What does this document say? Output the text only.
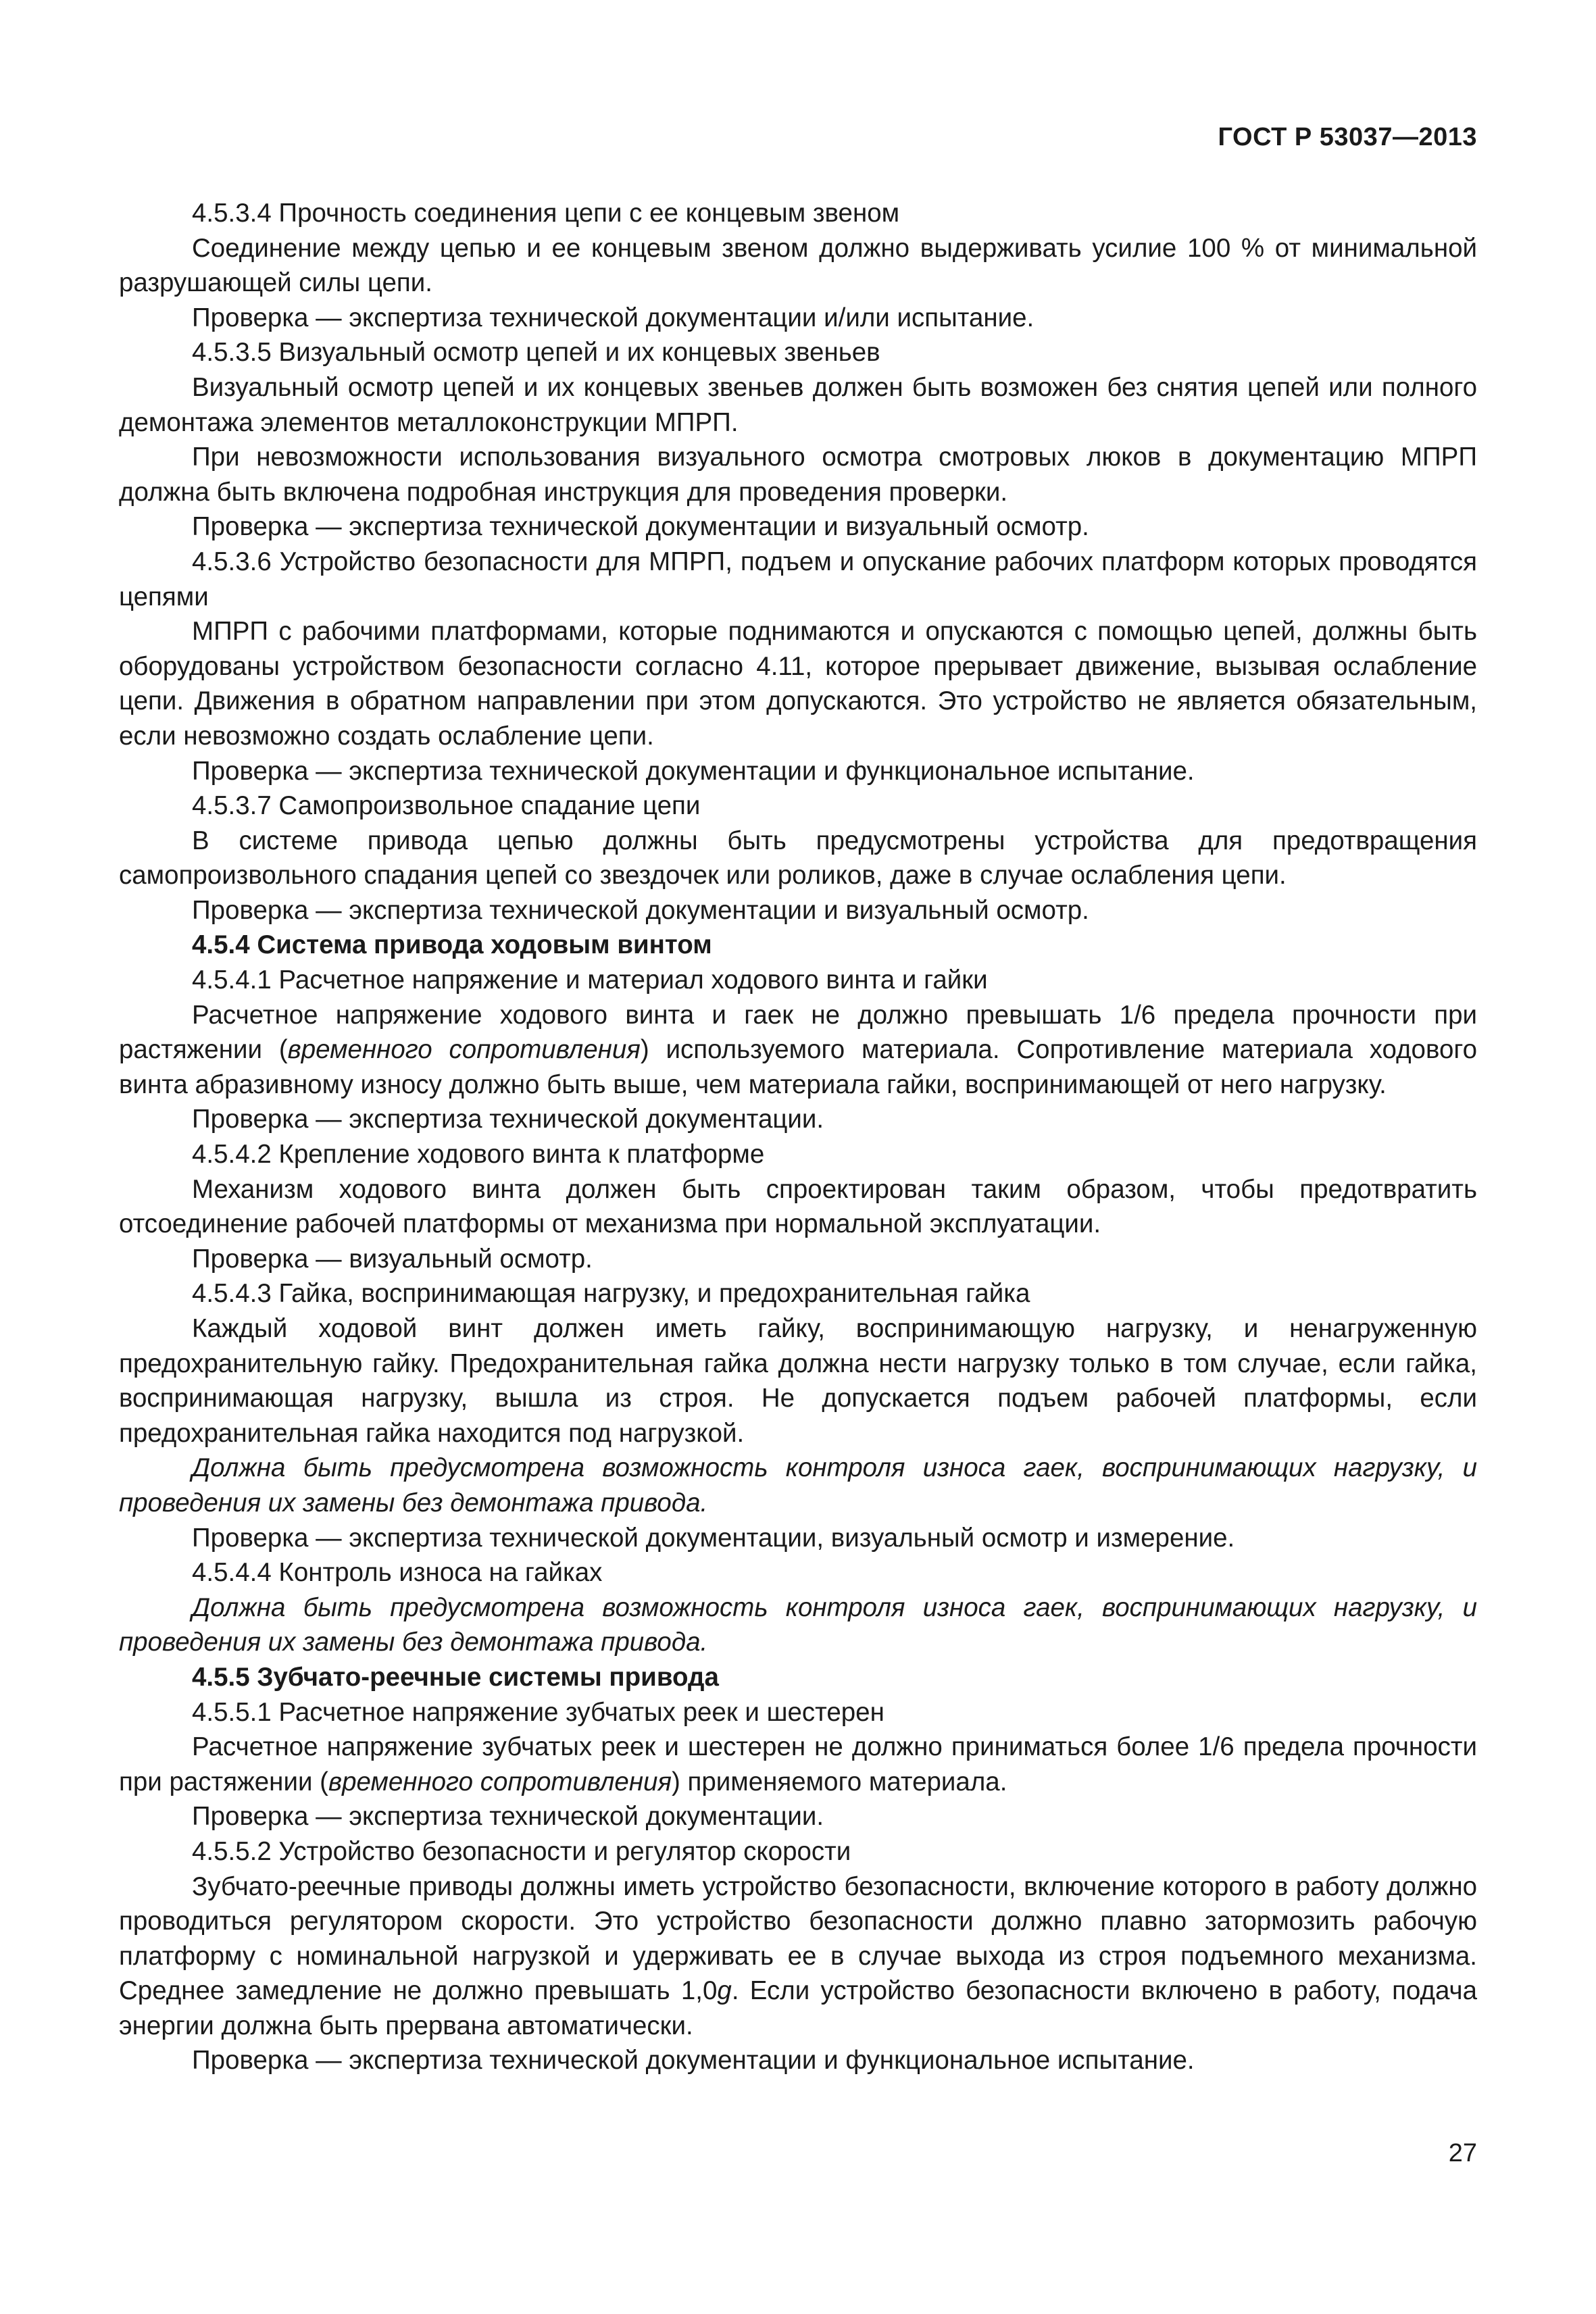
ГОСТ Р 53037—2013

4.5.3.4 Прочность соединения цепи с ее концевым звеном

Соединение между цепью и ее концевым звеном должно выдерживать усилие 100 % от минимальной разрушающей силы цепи.

Проверка — экспертиза технической документации и/или испытание.

4.5.3.5 Визуальный осмотр цепей и их концевых звеньев

Визуальный осмотр цепей и их концевых звеньев должен быть возможен без снятия цепей или полного демонтажа элементов металлоконструкции МПРП.

При невозможности использования визуального осмотра смотровых люков в документацию МПРП должна быть включена подробная инструкция для проведения проверки.

Проверка — экспертиза технической документации и визуальный осмотр.

4.5.3.6 Устройство безопасности для МПРП, подъем и опускание рабочих платформ которых проводятся цепями

МПРП с рабочими платформами, которые поднимаются и опускаются с помощью цепей, должны быть оборудованы устройством безопасности согласно 4.11, которое прерывает движение, вызывая ослабление цепи. Движения в обратном направлении при этом допускаются. Это устройство не является обязательным, если невозможно создать ослабление цепи.

Проверка — экспертиза технической документации и функциональное испытание.

4.5.3.7 Самопроизвольное спадание цепи

В системе привода цепью должны быть предусмотрены устройства для предотвращения самопроизвольного спадания цепей со звездочек или роликов, даже в случае ослабления цепи.

Проверка — экспертиза технической документации и визуальный осмотр.

4.5.4 Система привода ходовым винтом

4.5.4.1 Расчетное напряжение и материал ходового винта и гайки

Расчетное напряжение ходового винта и гаек не должно превышать 1/6 предела прочности при растяжении (временного сопротивления) используемого материала. Сопротивление материала ходового винта абразивному износу должно быть выше, чем материала гайки, воспринимающей от него нагрузку.

Проверка — экспертиза технической документации.

4.5.4.2 Крепление ходового винта к платформе

Механизм ходового винта должен быть спроектирован таким образом, чтобы предотвратить отсоединение рабочей платформы от механизма при нормальной эксплуатации.

Проверка — визуальный осмотр.

4.5.4.3 Гайка, воспринимающая нагрузку, и предохранительная гайка

Каждый ходовой винт должен иметь гайку, воспринимающую нагрузку, и ненагруженную предохранительную гайку. Предохранительная гайка должна нести нагрузку только в том случае, если гайка, воспринимающая нагрузку, вышла из строя. Не допускается подъем рабочей платформы, если предохранительная гайка находится под нагрузкой.

Должна быть предусмотрена возможность контроля износа гаек, воспринимающих нагрузку, и проведения их замены без демонтажа привода.

Проверка — экспертиза технической документации, визуальный осмотр и измерение.

4.5.4.4 Контроль износа на гайках

Должна быть предусмотрена возможность контроля износа гаек, воспринимающих нагрузку, и проведения их замены без демонтажа привода.

4.5.5 Зубчато-реечные системы привода

4.5.5.1 Расчетное напряжение зубчатых реек и шестерен

Расчетное напряжение зубчатых реек и шестерен не должно приниматься более 1/6 предела прочности при растяжении (временного сопротивления) применяемого материала.

Проверка — экспертиза технической документации.

4.5.5.2 Устройство безопасности и регулятор скорости

Зубчато-реечные приводы должны иметь устройство безопасности, включение которого в работу должно проводиться регулятором скорости. Это устройство безопасности должно плавно затормозить рабочую платформу с номинальной нагрузкой и удерживать ее в случае выхода из строя подъемного механизма. Среднее замедление не должно превышать 1,0g. Если устройство безопасности включено в работу, подача энергии должна быть прервана автоматически.

Проверка — экспертиза технической документации и функциональное испытание.

27
